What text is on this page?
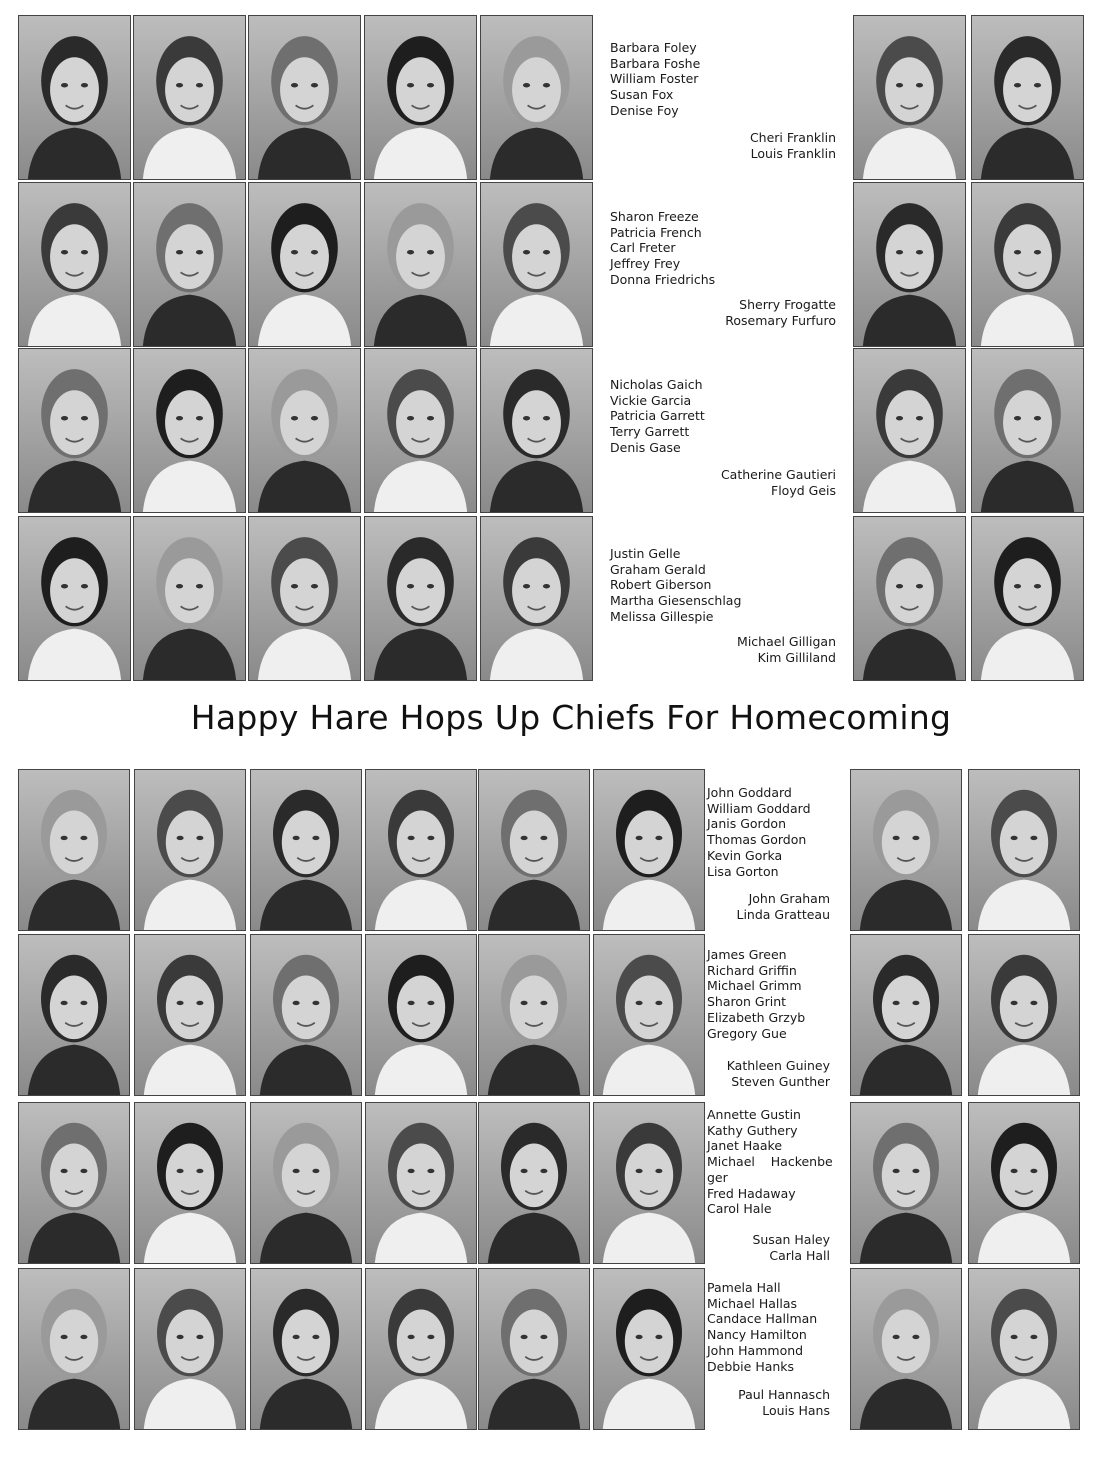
Happy Hare Hops Up Chiefs For Homecoming
Barbara Foley
Barbara Foshe
William Foster
Susan Fox
Denise Foy
Cheri Franklin
Louis Franklin
Sharon Freeze
Patricia French
Carl Freter
Jeffrey Frey
Donna Friedrichs
Sherry Frogatte
Rosemary Furfuro
Nicholas Gaich
Vickie Garcia
Patricia Garrett
Terry Garrett
Denis Gase
Catherine Gautieri
Floyd Geis
Justin Gelle
Graham Gerald
Robert Giberson
Martha Giesenschlag
Melissa Gillespie
Michael Gilligan
Kim Gilliland
John Goddard
William Goddard
Janis Gordon
Thomas Gordon
Kevin Gorka
Lisa Gorton
John Graham
Linda Gratteau
James Green
Richard Griffin
Michael Grimm
Sharon Grint
Elizabeth Grzyb
Gregory Gue
Kathleen Guiney
Steven Gunther
Annette Gustin
Kathy Guthery
Janet Haake
Michael    Hackenbe
ger
Fred Hadaway
Carol Hale
Susan Haley
Carla Hall
Pamela Hall
Michael Hallas
Candace Hallman
Nancy Hamilton
John Hammond
Debbie Hanks
Paul Hannasch
Louis Hans
